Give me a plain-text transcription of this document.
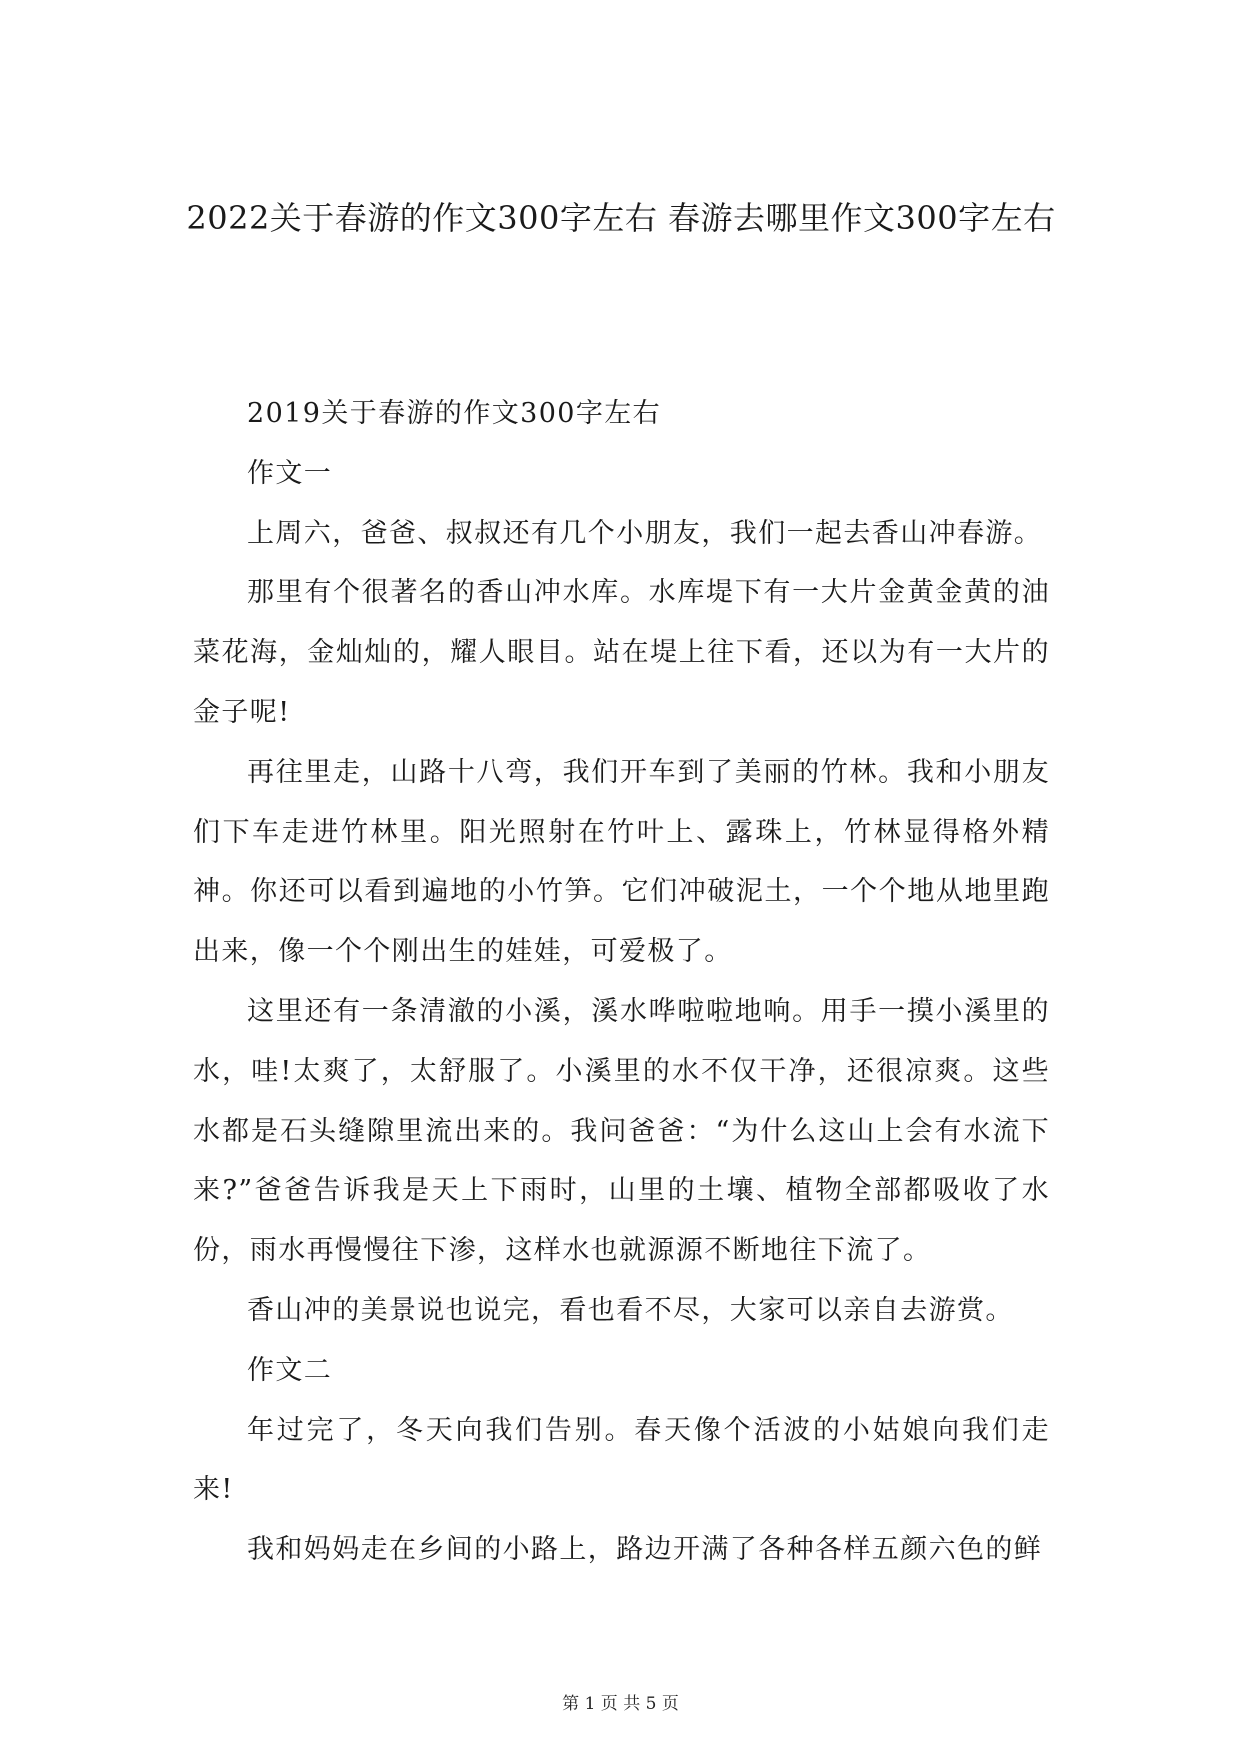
2022关于春游的作文300字左右 春游去哪里作文300字左右

2019关于春游的作文300字左右

作文一

上周六，爸爸、叔叔还有几个小朋友，我们一起去香山冲春游。

那里有个很著名的香山冲水库。水库堤下有一大片金黄金黄的油菜花海，金灿灿的，耀人眼目。站在堤上往下看，还以为有一大片的金子呢!

再往里走，山路十八弯，我们开车到了美丽的竹林。我和小朋友们下车走进竹林里。阳光照射在竹叶上、露珠上，竹林显得格外精神。你还可以看到遍地的小竹笋。它们冲破泥土，一个个地从地里跑出来，像一个个刚出生的娃娃，可爱极了。

这里还有一条清澈的小溪，溪水哗啦啦地响。用手一摸小溪里的水，哇!太爽了，太舒服了。小溪里的水不仅干净，还很凉爽。这些水都是石头缝隙里流出来的。我问爸爸：“为什么这山上会有水流下来?”爸爸告诉我是天上下雨时，山里的土壤、植物全部都吸收了水份，雨水再慢慢往下渗，这样水也就源源不断地往下流了。

香山冲的美景说也说完，看也看不尽，大家可以亲自去游赏。

作文二

年过完了，冬天向我们告别。春天像个活波的小姑娘向我们走来!

我和妈妈走在乡间的小路上，路边开满了各种各样五颜六色的鲜

第 1 页 共 5 页
